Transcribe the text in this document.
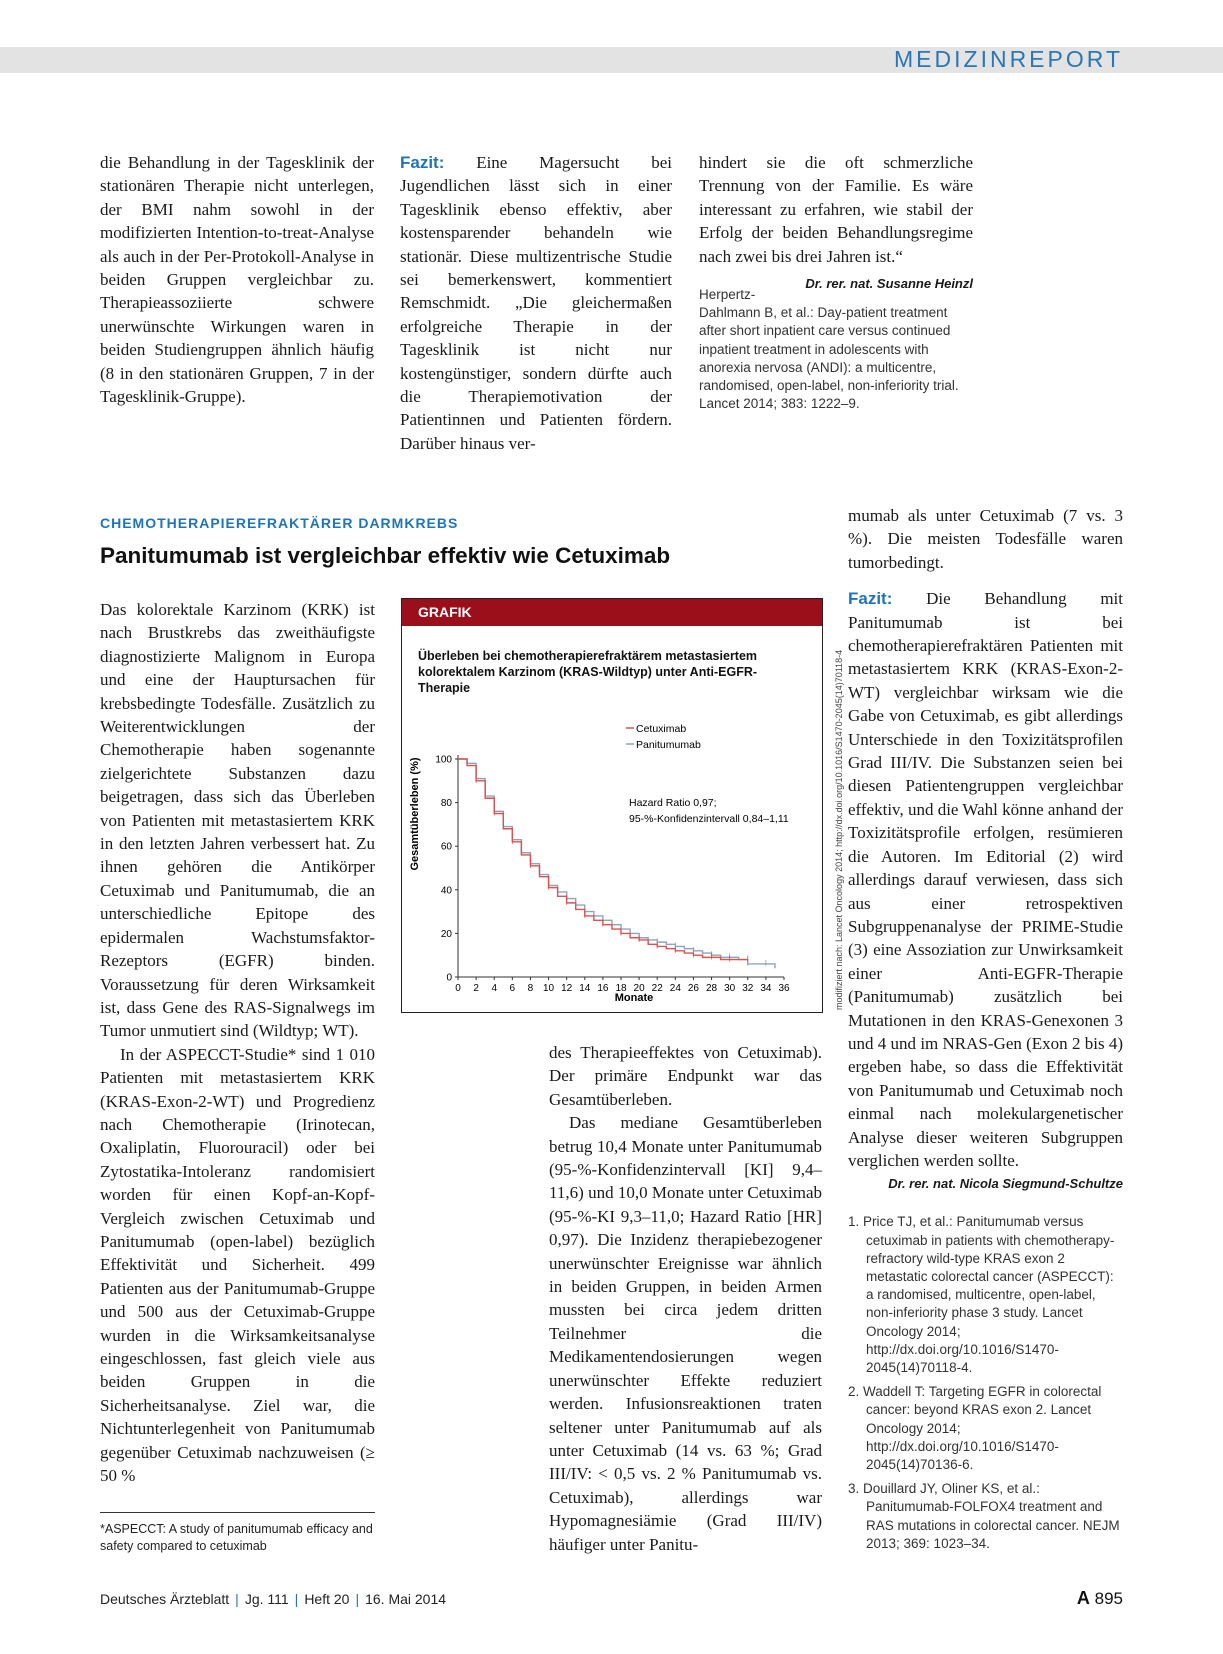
MEDIZINREPORT

die Behandlung in der Tagesklinik der stationären Therapie nicht unterlegen, der BMI nahm sowohl in der modifizierten Intention-to-treat-Analyse als auch in der Per-Protokoll-Analyse in beiden Gruppen vergleichbar zu. Therapieassoziierte schwere unerwünschte Wirkungen waren in beiden Studiengruppen ähnlich häufig (8 in den stationären Gruppen, 7 in der Tagesklinik-Gruppe).

Fazit: Eine Magersucht bei Jugendlichen lässt sich in einer Tagesklinik ebenso effektiv, aber kostensparender behandeln wie stationär. Diese multizentrische Studie sei bemerkenswert, kommentiert Remschmidt. „Die gleichermaßen erfolgreiche Therapie in der Tagesklinik ist nicht nur kostengünstiger, sondern dürfte auch die Therapiemotivation der Patientinnen und Patienten fördern. Darüber hinaus ver-

hindert sie die oft schmerzliche Trennung von der Familie. Es wäre interessant zu erfahren, wie stabil der Erfolg der beiden Behandlungsregime nach zwei bis drei Jahren ist.“
Dr. rer. nat. Susanne Heinzl

Herpertz-Dahlmann B, et al.: Day-patient treatment after short inpatient care versus continued inpatient treatment in adolescents with anorexia nervosa (ANDI): a multicentre, randomised, open-label, non-inferiority trial. Lancet 2014; 383: 1222–9.

CHEMOTHERAPIEREFRAKTÄRER DARMKREBS
Panitumumab ist vergleichbar effektiv wie Cetuximab

Das kolorektale Karzinom (KRK) ist nach Brustkrebs das zweithäufigste diagnostizierte Malignom in Europa und eine der Hauptursachen für krebsbedingte Todesfälle. Zusätzlich zu Weiterentwicklungen der Chemotherapie haben sogenannte zielgerichtete Substanzen dazu beigetragen, dass sich das Überleben von Patienten mit metastasiertem KRK in den letzten Jahren verbessert hat. Zu ihnen gehören die Antikörper Cetuximab und Panitumumab, die an unterschiedliche Epitope des epidermalen Wachstumsfaktor-Rezeptors (EGFR) binden. Voraussetzung für deren Wirksamkeit ist, dass Gene des RAS-Signalwegs im Tumor unmutiert sind (Wildtyp; WT).

In der ASPECCT-Studie* sind 1 010 Patienten mit metastasiertem KRK (KRAS-Exon-2-WT) und Progredienz nach Chemotherapie (Irinotecan, Oxaliplatin, Fluorouracil) oder bei Zytostatika-Intoleranz randomisiert worden für einen Kopf-an-Kopf-Vergleich zwischen Cetuximab und Panitumumab (open-label) bezüglich Effektivität und Sicherheit. 499 Patienten aus der Panitumumab-Gruppe und 500 aus der Cetuximab-Gruppe wurden in die Wirksamkeitsanalyse eingeschlossen, fast gleich viele aus beiden Gruppen in die Sicherheitsanalyse. Ziel war, die Nichtunterlegenheit von Panitumumab gegenüber Cetuximab nachzuweisen (≥ 50 %

*ASPECCT: A study of panitumumab efficacy and safety compared to cetuximab

GRAFIK
Überleben bei chemotherapierefraktärem metastasiertem kolorektalem Karzinom (KRAS-Wildtyp) unter Anti-EGFR-Therapie
0 2 4 6 8 10 12 14 16 18 20 22 24 26 28 30 32 34 36
0
20
40
60
80
100
Gesamtüberleben (%)
Monate
Cetuximab
Panitumumab
Hazard Ratio 0,97;
95-%-Konfidenzintervall 0,84–1,11	modifiziert nach: Lancet Oncology 2014; http://dx.doi.org/10.1016/S1470-2045(14)70118-4

des Therapieeffektes von Cetuximab). Der primäre Endpunkt war das Gesamtüberleben.

Das mediane Gesamtüberleben betrug 10,4 Monate unter Panitumumab (95-%-Konfidenzintervall [KI] 9,4–11,6) und 10,0 Monate unter Cetuximab (95-%-KI 9,3–11,0; Hazard Ratio [HR] 0,97). Die Inzidenz therapiebezogener unerwünschter Ereignisse war ähnlich in beiden Gruppen, in beiden Armen mussten bei circa jedem dritten Teilnehmer die Medikamentendosierungen wegen unerwünschter Effekte reduziert werden. Infusionsreaktionen traten seltener unter Panitumumab auf als unter Cetuximab (14 vs. 63 %; Grad III/IV: < 0,5 vs. 2 % Panitumumab vs. Cetuximab), allerdings war Hypomagnesiämie (Grad III/IV) häufiger unter Panitu-

mumab als unter Cetuximab (7 vs. 3 %). Die meisten Todesfälle waren tumorbedingt.

Fazit: Die Behandlung mit Panitumumab ist bei chemotherapierefraktären Patienten mit metastasiertem KRK (KRAS-Exon-2-WT) vergleichbar wirksam wie die Gabe von Cetuximab, es gibt allerdings Unterschiede in den Toxizitätsprofilen Grad III/IV. Die Substanzen seien bei diesen Patientengruppen vergleichbar effektiv, und die Wahl könne anhand der Toxizitätsprofile erfolgen, resümieren die Autoren. Im Editorial (2) wird allerdings darauf verwiesen, dass sich aus einer retrospektiven Subgruppenanalyse der PRIME-Studie (3) eine Assoziation zur Unwirksamkeit einer Anti-EGFR-Therapie (Panitumumab) zusätzlich bei Mutationen in den KRAS-Genexonen 3 und 4 und im NRAS-Gen (Exon 2 bis 4) ergeben habe, so dass die Effektivität von Panitumumab und Cetuximab noch einmal nach molekulargenetischer Analyse dieser weiteren Subgruppen verglichen werden sollte.

Dr. rer. nat. Nicola Siegmund-Schultze
1. Price TJ, et al.: Panitumumab versus cetuximab in patients with chemotherapy-refractory wild-type KRAS exon 2 metastatic colorectal cancer (ASPECCT): a randomised, multicentre, open-label, non-inferiority phase 3 study. Lancet Oncology 2014; http://dx.doi.org/10.1016/S1470-2045(14)70118-4.
2. Waddell T: Targeting EGFR in colorectal cancer: beyond KRAS exon 2. Lancet Oncology 2014; http://dx.doi.org/10.1016/S1470-2045(14)70136-6.
3. Douillard JY, Oliner KS, et al.: Panitumumab-FOLFOX4 treatment and RAS mutations in colorectal cancer. NEJM 2013; 369: 1023–34.
Deutsches Ärzteblatt | Jg. 111 | Heft 20 | 16. Mai 2014	A 895
